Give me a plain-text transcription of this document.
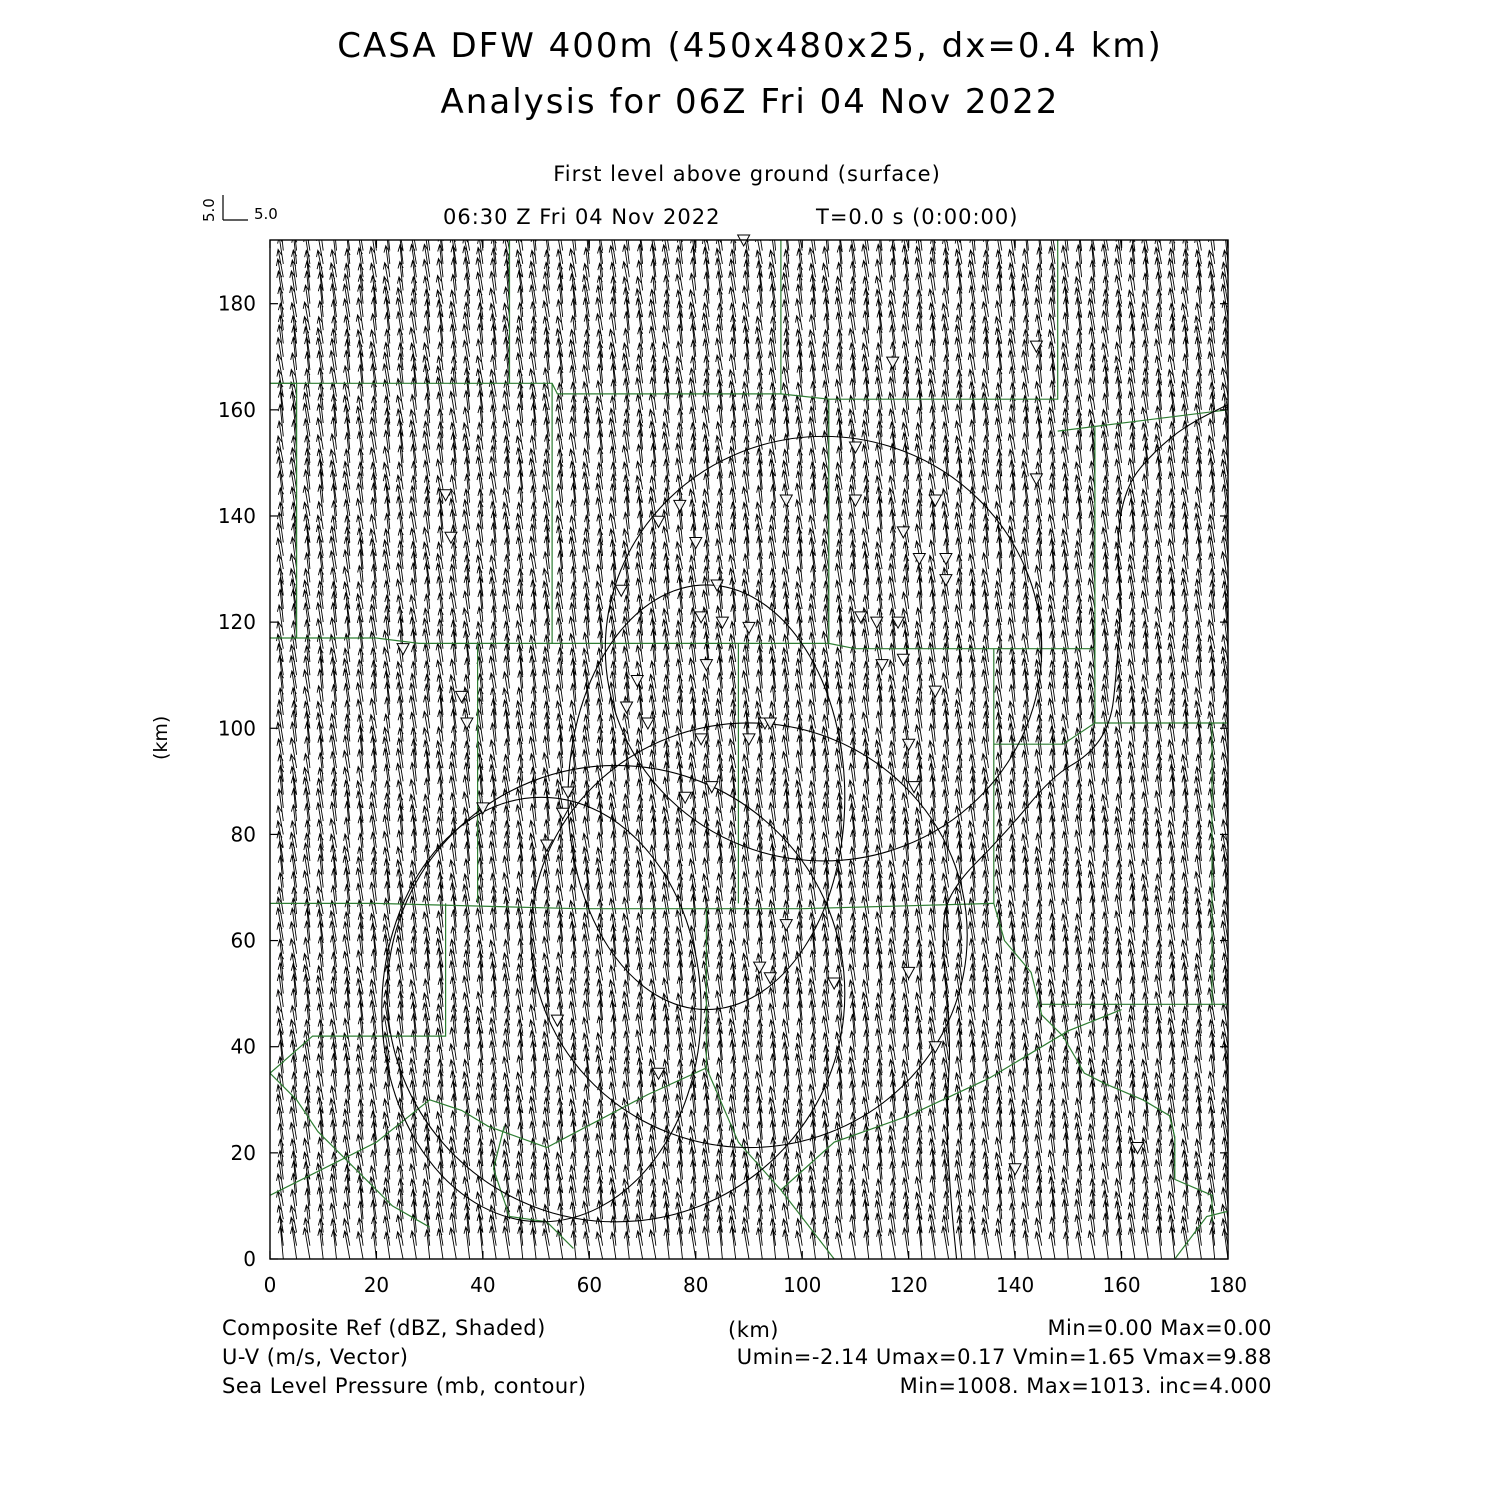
CASA DFW 400m (450x480x25, dx=0.4 km)
Analysis for 06Z Fri 04 Nov 2022
First level above ground (surface)
06:30 Z Fri 04 Nov 2022	T=0.0 s (0:00:00)
5.0 5.0
(km)
0	20	40	60	80	100	120	140	160	180
0
20
40
60
80
100
120
140
160
180
Composite Ref (dBZ, Shaded)	(km)	Min=0.00 Max=0.00
U-V (m/s, Vector)	Umin=-2.14 Umax=0.17 Vmin=1.65 Vmax=9.88
Sea Level Pressure (mb, contour)	Min=1008. Max=1013. inc=4.000
